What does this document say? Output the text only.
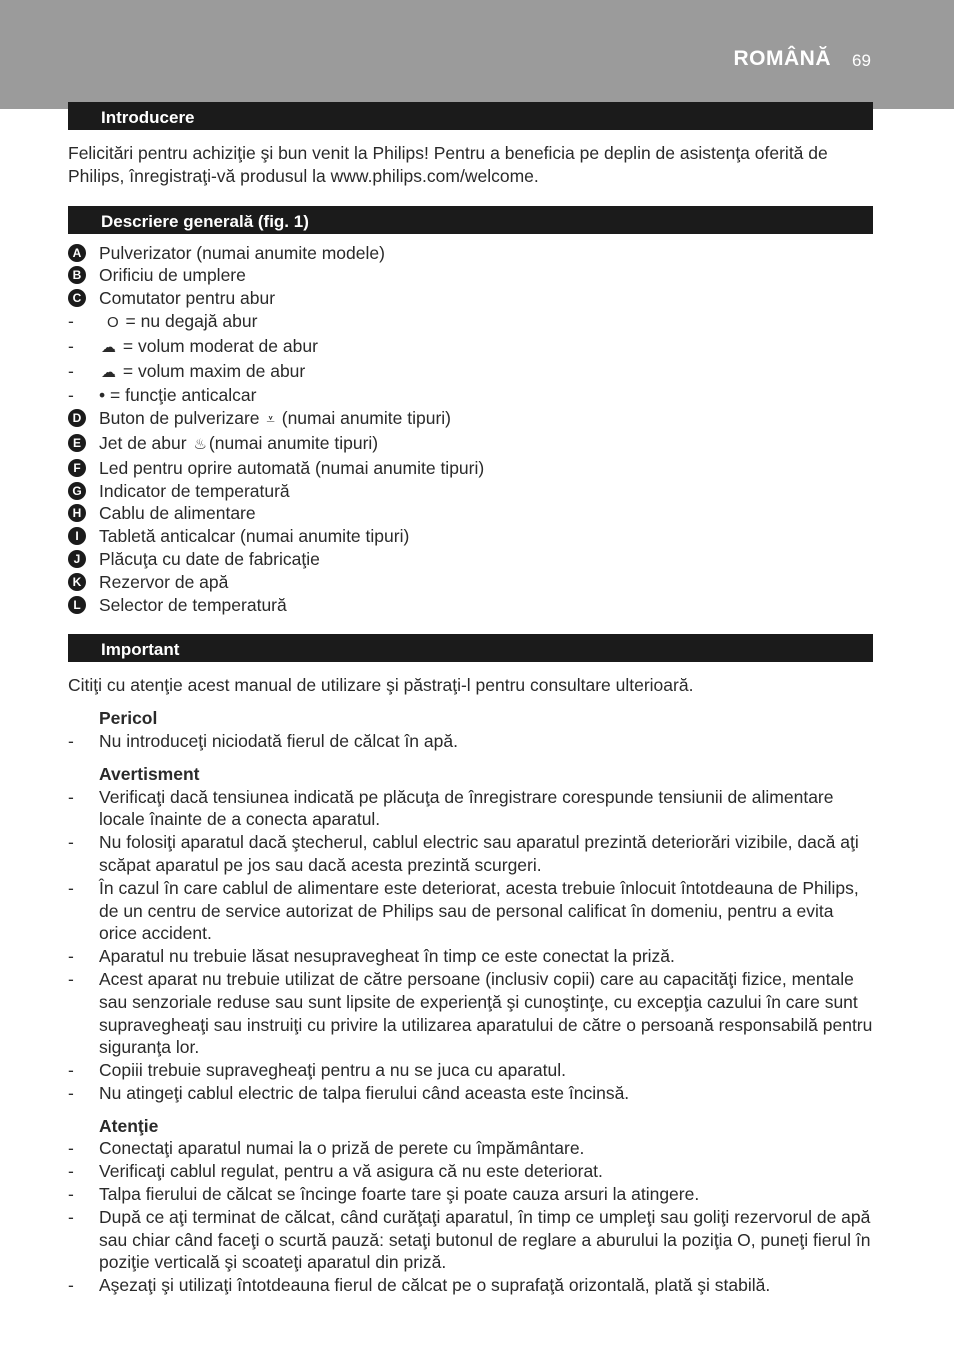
ROMÂNĂ 69
Introducere

Felicitări pentru achiziţie şi bun venit la Philips! Pentru a beneficia pe deplin de asistenţa oferită de Philips, înregistraţi-vă produsul la www.philips.com/welcome.

Descriere generală (fig. 1)
A Pulverizator (numai anumite modele)
B Orificiu de umplere
C Comutator pentru abur
- O = nu degajă abur
- ☁ = volum moderat de abur
- ☁ = volum maxim de abur
- • = funcţie anticalcar
D Buton de pulverizare ⩡ (numai anumite tipuri)
E Jet de abur ♨ (numai anumite tipuri)
F	Led pentru oprire automată (numai anumite tipuri)
G Indicator de temperatură
H Cablu de alimentare
I	Tabletă anticalcar (numai anumite tipuri)
J	Plăcuţa cu date de fabricaţie
K Rezervor de apă
L	Selector de temperatură
Important

Citiţi cu atenţie acest manual de utilizare şi păstraţi-l pentru consultare ulterioară.

Pericol
- Nu introduceţi niciodată fierul de călcat în apă.
Avertisment
- Verificaţi dacă tensiunea indicată pe plăcuţa de înregistrare corespunde tensiunii de alimentare locale înainte de a conecta aparatul.
- Nu folosiţi aparatul dacă ştecherul, cablul electric sau aparatul prezintă deteriorări vizibile, dacă aţi scăpat aparatul pe jos sau dacă acesta prezintă scurgeri.
- În cazul în care cablul de alimentare este deteriorat, acesta trebuie înlocuit întotdeauna de Philips, de un centru de service autorizat de Philips sau de personal calificat în domeniu, pentru a evita orice accident.
- Aparatul nu trebuie lăsat nesupravegheat în timp ce este conectat la priză.
- Acest aparat nu trebuie utilizat de către persoane (inclusiv copii) care au capacităţi fizice, mentale sau senzoriale reduse sau sunt lipsite de experienţă şi cunoştinţe, cu excepţia cazului în care sunt supravegheaţi sau instruiţi cu privire la utilizarea aparatului de către o persoană responsabilă pentru siguranţa lor.
- Copiii trebuie supravegheaţi pentru a nu se juca cu aparatul.
- Nu atingeţi cablul electric de talpa fierului când aceasta este încinsă.
Atenţie
- Conectaţi aparatul numai la o priză de perete cu împământare.
- Verificaţi cablul regulat, pentru a vă asigura că nu este deteriorat.
- Talpa fierului de călcat se încinge foarte tare şi poate cauza arsuri la atingere.
- După ce aţi terminat de călcat, când curăţaţi aparatul, în timp ce umpleţi sau goliţi rezervorul de apă sau chiar când faceţi o scurtă pauză: setaţi butonul de reglare a aburului la poziţia O, puneţi fierul în poziţie verticală şi scoateţi aparatul din priză.
- Aşezaţi şi utilizaţi întotdeauna fierul de călcat pe o suprafaţă orizontală, plată şi stabilă.
